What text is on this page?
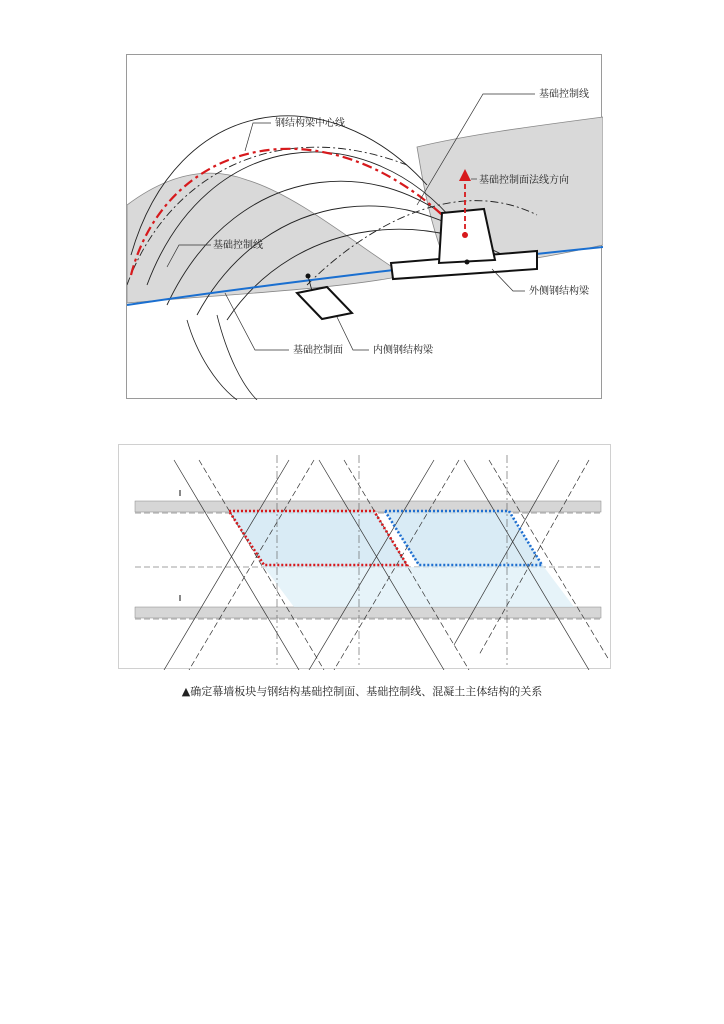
基础控制线
钢结构梁中心线
基础控制面法线方向
基础控制线
外侧钢结构梁
基础控制面	内侧钢结构梁
▲确定幕墙板块与钢结构基础控制面、基础控制线、混凝土主体结构的关系
